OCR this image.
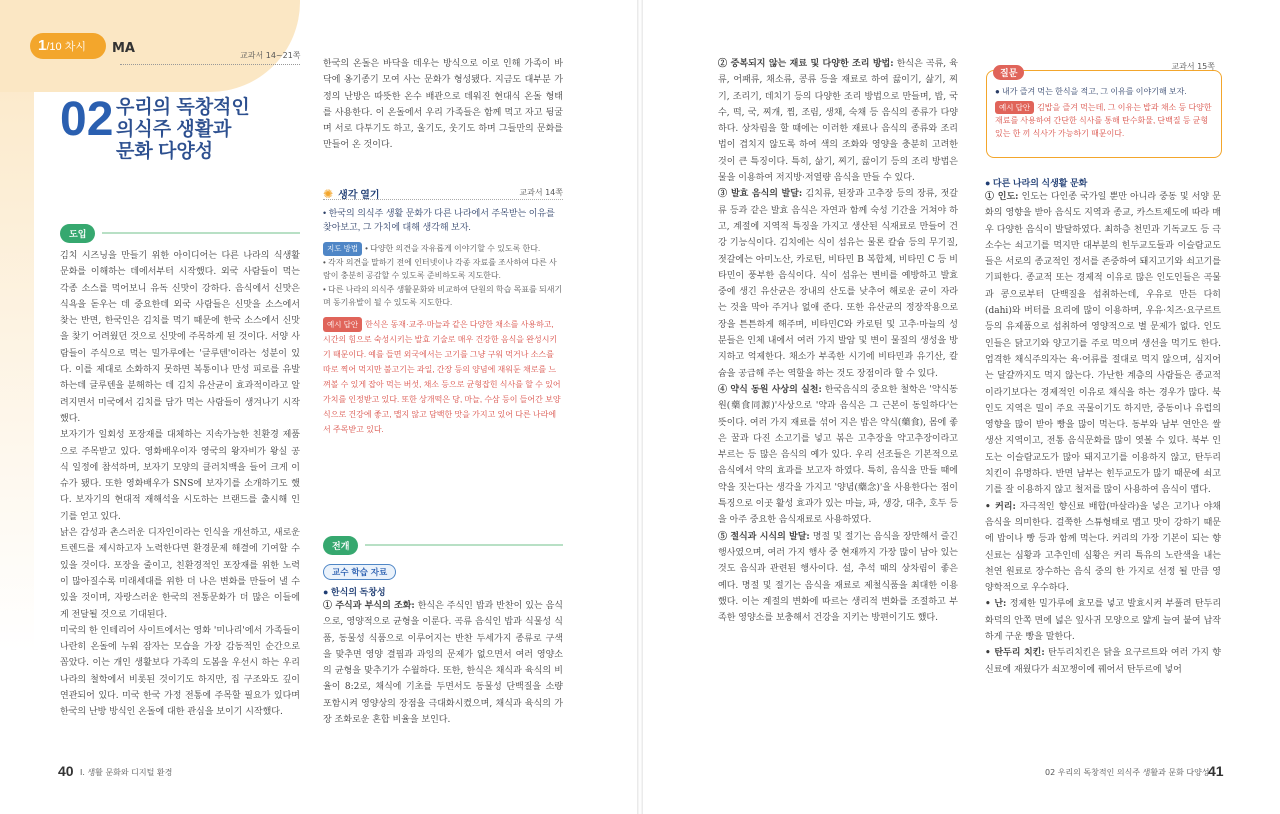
1/10 차시	MA	교과서 14~21쪽
02 우리의 독창적인
의식주 생활과
문화 다양성
도입

김치 시즈닝을 만들기 위한 아이디어는 다른 나라의 식생활 문화를 이해하는 데에서부터 시작했다. 외국 사람들이 먹는 각종 소스를 먹어보니 유독 신맛이 강하다. 음식에서 신맛은 식욕을 돋우는 데 중요한데 외국 사람들은 신맛을 소스에서 찾는 반면, 한국인은 김치를 먹기 때문에 한국 소스에서 신맛을 찾기 어려웠던 것으로 신맛에 주목하게 된 것이다. 서양 사람들이 주식으로 먹는 밀가루에는 '글루텐'이라는 성분이 있다. 이를 제대로 소화하지 못하면 복통이나 만성 피로를 유발하는데 글루텐을 분해하는 데 김치 유산균이 효과적이라고 알려지면서 미국에서 김치를 담가 먹는 사람들이 생겨나기 시작했다.

보자기가 일회성 포장재를 대체하는 지속가능한 친환경 제품으로 주목받고 있다. 영화배우이자 영국의 왕자비가 왕실 공식 일정에 참석하며, 보자기 모양의 클러치백을 들어 크게 이슈가 됐다. 또한 영화배우가 SNS에 보자기를 소개하기도 했다. 보자기의 현대적 재해석을 시도하는 브랜드를 출시해 인기를 얻고 있다.

낡은 감성과 촌스러운 디자인이라는 인식을 개선하고, 새로운 트렌드를 제시하고자 노력한다면 환경문제 해결에 기여할 수 있을 것이다. 포장을 줄이고, 친환경적인 포장재를 위한 노력이 많아질수록 미래세대를 위한 더 나은 변화를 만들어 낼 수 있을 것이며, 자랑스러운 한국의 전통문화가 더 많은 이들에게 전달될 것으로 기대된다.

미국의 한 인테리어 사이트에서는 영화 '미나리'에서 가족들이 나란히 온돌에 누워 잠자는 모습을 가장 감동적인 순간으로 꼽았다. 이는 개인 생활보다 가족의 도봄을 우선시 하는 우리 나라의 철학에서 비롯된 것이기도 하지만, 집 구조와도 깊이 연관되어 있다. 미국 한국 가정 전통에 주목할 필요가 있다며 한국의 난방 방식인 온돌에 대한 관심을 보이기 시작했다.

한국의 온돌은 바닥을 데우는 방식으로 이로 인해 가족이 바닥에 옹기종기 모여 사는 문화가 형성됐다. 지금도 대부분 가정의 난방은 따뜻한 온수 배관으로 데워진 현대식 온돌 형태를 사용한다. 이 온돌에서 우리 가족들은 함께 먹고 자고 뒹굴며 서로 다투기도 하고, 울기도, 웃기도 하며 그들만의 문화를 만들어 온 것이다.

✺ 생각 열기	교과서 14쪽

• 한국의 의식주 생활 문화가 다른 나라에서 주목받는 이유를 찾아보고, 그 가치에 대해 생각해 보자.

지도 방법 • 다양한 의견을 자유롭게 이야기할 수 있도록 한다.

• 각자 의견을 말하기 전에 인터넷이나 각종 자료를 조사하여 다른 사람이 충분히 공감할 수 있도록 준비하도록 지도한다.

• 다른 나라의 의식주 생활문화와 비교하여 단원의 학습 목표를 되새기며 동기유발이 될 수 있도록 지도한다.

예시 답안 한식은 동재·교주·마늘과 같은 다양한 채소를 사용하고, 시간의 힘으로 숙성시키는 발효 기술로 매우 건강한 음식을 완성시키기 때문이다. 예를 들면 외국에서는 고기를 그냥 구워 먹거나 소스를 따로 찍어 먹지만 불고기는 과일, 간장 등의 양념에 재워둔 채로를 느껴볼 수 있게 잡아 먹는 버섯, 채소 등으로 균형잡힌 식사를 할 수 있어 가치를 인정받고 있다. 또한 상개떡은 당, 마늘, 수삼 등이 들어간 보양식으로 건강에 좋고, 맵지 않고 담백한 맛을 가지고 있어 다른 나라에서 주목받고 있다.

전개
교수 학습 자료

● 한식의 독창성

① 주식과 부식의 조화: 한식은 주식인 밥과 반찬이 있는 음식으로, 영양적으로 균형을 이룬다. 곡류 음식인 밥과 식물성 식품, 동물성 식품으로 이루어지는 반찬 두세가지 종류로 구색을 맞추면 영양 결핍과 과잉의 문제가 없으면서 여러 영양소의 균형을 맞추기가 수월하다. 또한, 한식은 채식과 육식의 비율이 8:2로, 채식에 기초를 두면서도 동물성 단백질을 소량 포함시켜 영양상의 장점을 극대화시켰으며, 채식과 육식의 가장 조화로운 혼합 비율을 보인다.

② 중복되지 않는 재료 및 다양한 조리 방법: 한식은 곡류, 육류, 어패류, 채소류, 콩류 등을 재료로 하여 끓이기, 삶기, 찌기, 조리기, 데치기 등의 다양한 조리 방법으로 만들며, 밥, 국수, 떡, 국, 찌개, 찜, 조림, 생채, 숙채 등 음식의 종류가 다양하다. 상차림을 할 때에는 이러한 재료나 음식의 종류와 조리법이 겹치지 않도록 하여 색의 조화와 영양을 충분히 고려한 것이 큰 특징이다. 특히, 삶기, 찌기, 끓이기 등의 조리 방법은 물을 이용하여 저지방·저열량 음식을 만들 수 있다.

③ 발효 음식의 발달: 김치류, 된장과 고추장 등의 장류, 젓갈류 등과 같은 발효 음식은 자연과 함께 숙성 기간을 거쳐야 하고, 계절에 지역적 특징을 가지고 생산된 식재료로 만들어 건강 기능식이다. 김치에는 식이 섬유는 물론 칼슘 등의 무기질, 젓갈에는 아미노산, 카로틴, 비타민 B 복합체, 비타민 C 등 비타민이 풍부한 음식이다. 식이 섬유는 변비를 예방하고 발효 중에 생긴 유산균은 장내의 산도를 낮추어 해로운 균이 자라는 것을 막아 주거나 없애 준다. 또한 유산균의 정장작용으로 장을 튼튼하게 해주며, 비타민C와 카로틴 및 고추·마늘의 성분들은 인체 내에서 여러 가지 발암 및 변이 물질의 생성을 방지하고 억제한다. 채소가 부족한 시기에 비타민과 유기산, 칼슘을 공급해 주는 역할을 하는 것도 장점이라 할 수 있다.

④ 약식 동원 사상의 실천: 한국음식의 중요한 철학은 '약식동원(藥食同源)'사상으로 '약과 음식은 그 근본이 동일하다'는 뜻이다. 여러 가지 재료를 섞어 지은 밥은 약식(藥食), 몸에 좋은 꿀과 다진 소고기를 넣고 볶은 고추장을 약고추장이라고 부르는 등 많은 음식의 예가 있다. 우리 선조들은 기본적으로 음식에서 약의 효과를 보고자 하였다. 특히, 음식을 만들 때에 약을 짓는다는 생각을 가지고 '양념(藥念)'을 사용한다는 점이 특징으로 이곳 활성 효과가 있는 마늘, 파, 생강, 대추, 호두 등을 아주 중요한 음식재료로 사용하였다.

⑤ 절식과 시식의 발달: 명절 및 절기는 음식을 장만해서 즐긴 행사였으며, 여러 가지 행사 중 현재까지 가장 많이 남아 있는 것도 음식과 관련된 행사이다. 설, 추석 때의 상차림이 좋은 예다. 명절 및 절기는 음식을 재료로 제철식품을 최대한 이용했다. 이는 계절의 변화에 따르는 생리적 변화를 조절하고 부족한 영양소를 보충해서 건강을 지키는 방편이기도 했다.

질문
교과서 15쪽

● 내가 즐겨 먹는 한식을 적고, 그 이유를 이야기해 보자.

예시 답안 김밥을 즐겨 먹는데, 그 이유는 밥과 채소 등 다양한 재료를 사용하여 간단한 식사를 통해 탄수화물, 단백질 등 균형 있는 한 끼 식사가 가능하기 때문이다.

● 다른 나라의 식생활 문화

① 인도: 인도는 다인종 국가일 뿐만 아니라 중동 및 서양 문화의 영향을 받아 음식도 지역과 종교, 카스트제도에 따라 매우 다양한 음식이 발달하였다. 최하층 천민과 기독교도 등 극소수는 쇠고기를 먹지만 대부분의 힌두교도들과 이슬람교도들은 서로의 종교적인 정서를 존중하여 돼지고기와 쇠고기를 기피한다. 종교적 또는 경제적 이유로 많은 인도인들은 곡물과 콩으로부터 단백질을 섭취하는데, 우유로 만든 다히(dahi)와 버터를 요리에 많이 이용하며, 우유·치즈·요구르트 등의 유제품으로 섭취하여 영양적으로 별 문제가 없다. 인도인들은 닭고기와 양고기를 주로 먹으며 생선을 먹기도 한다. 엄격한 채식주의자는 육·어류를 절대로 먹지 않으며, 심지어는 달걀까지도 먹지 않는다. 가난한 계층의 사람들은 종교적이라기보다는 경제적인 이유로 채식을 하는 경우가 많다. 북인도 지역은 밀이 주요 곡물이기도 하지만, 중동이나 유럽의 영향을 많이 받아 빵을 많이 먹는다. 동부와 남부 연안은 쌀 생산 지역이고, 전통 음식문화를 많이 엿볼 수 있다. 북부 인도는 이슬람교도가 많아 돼지고기를 이용하지 않고, 탄두리치킨이 유명하다. 반면 남부는 힌두교도가 많기 때문에 쇠고기를 잘 이용하지 않고 철저를 많이 사용하여 음식이 맵다.

• 커리: 자극적인 향신료 배합(마살라)을 넣은 고기나 야채 음식을 의미한다. 걸쭉한 스튜형태로 맵고 맛이 강하기 때문에 밥이나 빵 등과 함께 먹는다. 커리의 가장 기본이 되는 향신료는 심황과 고추인데 심황은 커리 특유의 노란색을 내는 천연 원료로 장수하는 음식 중의 한 가지로 선정 될 만큼 영양학적으로 우수하다.

• 난: 정제한 밀가루에 효모를 넣고 발효시켜 부풀려 탄두리 화덕의 안쪽 면에 넓은 잎사귀 모양으로 얇게 늘여 붙여 납작하게 구운 빵을 말한다.

• 탄두리 치킨: 탄두리치킨은 닭을 요구르트와 여러 가지 향신료에 재웠다가 쇠꼬챙이에 꿰어서 탄두르에 넣어

40 Ⅰ. 생활 문화와 디지털 환경	02 우리의 독창적인 의식주 생활과 문화 다양성
41
